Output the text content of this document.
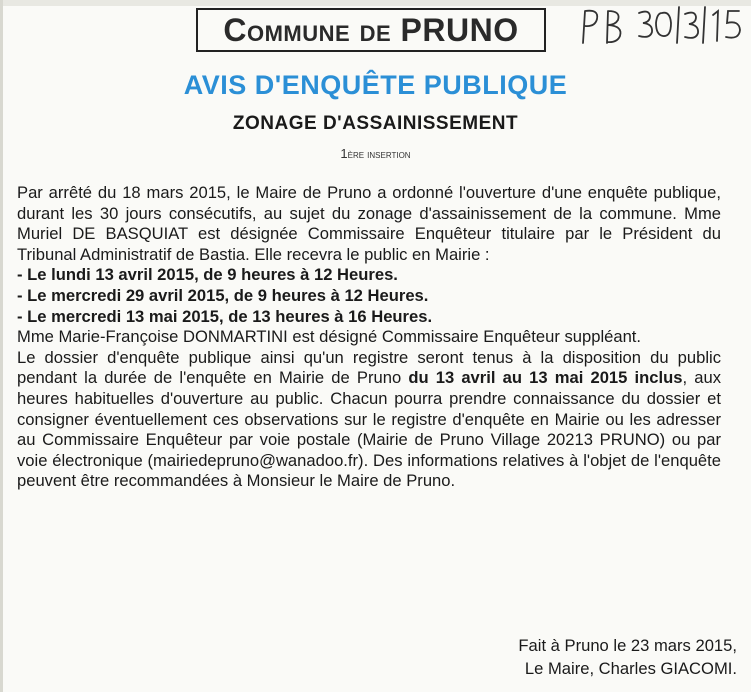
Commune de PRUNO
AVIS D'ENQUÊTE PUBLIQUE
ZONAGE D'ASSAINISSEMENT
1ère insertion

Par arrêté du 18 mars 2015, le Maire de Pruno a ordonné l'ouverture d'une enquête publique, durant les 30 jours consécutifs, au sujet du zonage d'assainissement de la commune. Mme Muriel DE BASQUIAT est désignée Commissaire Enquêteur titulaire par le Président du Tribunal Administratif de Bastia. Elle recevra le public en Mairie :

- Le lundi 13 avril 2015, de 9 heures à 12 Heures.

- Le mercredi 29 avril 2015, de 9 heures à 12 Heures.

- Le mercredi 13 mai 2015, de 13 heures à 16 Heures.

Mme Marie-Françoise DONMARTINI est désigné Commissaire Enquêteur suppléant.

Le dossier d'enquête publique ainsi qu'un registre seront tenus à la disposition du public pendant la durée de l'enquête en Mairie de Pruno du 13 avril au 13 mai 2015 inclus, aux heures habituelles d'ouverture au public. Chacun pourra prendre connaissance du dossier et consigner éventuellement ces observations sur le registre d'enquête en Mairie ou les adresser au Commissaire Enquêteur par voie postale (Mairie de Pruno Village 20213 PRUNO) ou par voie électronique (mairiedepruno@wanadoo.fr). Des informations relatives à l'objet de l'enquête peuvent être recommandées à Monsieur le Maire de Pruno.

Fait à Pruno le 23 mars 2015,
Le Maire, Charles GIACOMI.
